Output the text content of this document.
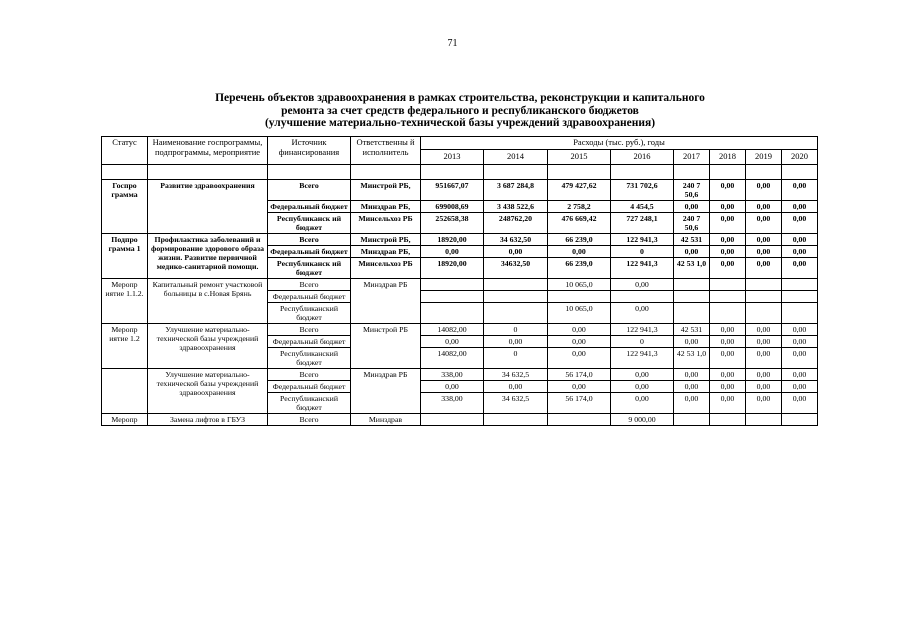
71
Перечень объектов здравоохранения в рамках строительства, реконструкции и капитального
ремонта за счет средств федерального и республиканского бюджетов
(улучшение материально-технической базы учреждений здравоохранения)
Статус	Наименование госпрограммы, подпрограммы, мероприятие	Источник финансирования	Ответственны й исполнитель	Расходы (тыс. руб.), годы							
				2013	2014	2015	2016	2017	2018	2019	2020

Госпро грамма	Развитие здравоохранения	Всего	Минстрой РБ,	951667,07	3 687 284,8	479 427,62	731 702,6	240 7 50,6	0,00	0,00	0,00
		Федеральный бюджет	Минздрав РБ,	699008,69	3 438 522,6	2 758,2	4 454,5	0,00	0,00	0,00	0,00
		Республиканск ий бюджет	Минсельхоз РБ	252658,38	248762,20	476 669,42	727 248,1	240 7 50,6	0,00	0,00	0,00
Подпро грамма 1	Профилактика заболеваний и формирование здорового образа жизни. Развитие первичной медико-санитарной помощи.	Всего	Минстрой РБ,	18920,00	34 632,50	66 239,0	122 941,3	42 531	0,00	0,00	0,00
		Федеральный бюджет	Минздрав РБ,	0,00	0,00	0,00	0	0,00	0,00	0,00	0,00
		Республиканск ий бюджет	Минсельхоз РБ	18920,00	34632,50	66 239,0	122 941,3	42 53 1,0	0,00	0,00	0,00
Меропр иятие 1.1.2.	Капитальный ремонт участковой больницы в с.Новая Брянь	Всего	Минздрав РБ			10 065,0	0,00				
		Федеральный бюджет									
		Республиканский бюджет				10 065,0	0,00				
Меропр иятие 1.2	Улучшение материально-технической базы учреждений здравоохранения	Всего	Минстрой РБ	14082,00	0	0,00	122 941,3	42 531	0,00	0,00	0,00
		Федеральный бюджет		0,00	0,00	0,00	0	0,00	0,00	0,00	0,00
		Республиканский бюджет		14082,00	0	0,00	122 941,3	42 53 1,0	0,00	0,00	0,00
	Улучшение материально-технической базы учреждений здравоохранения	Всего	Минздрав РБ	338,00	34 632,5	56 174,0	0,00	0,00	0,00	0,00	0,00
		Федеральный бюджет		0,00	0,00	0,00	0,00	0,00	0,00	0,00	0,00
		Республиканский бюджет		338,00	34 632,5	56 174,0	0,00	0,00	0,00	0,00	0,00
Меропр	Замена лифтов в ГБУЗ	Всего	Минздрав				9 000,00				
